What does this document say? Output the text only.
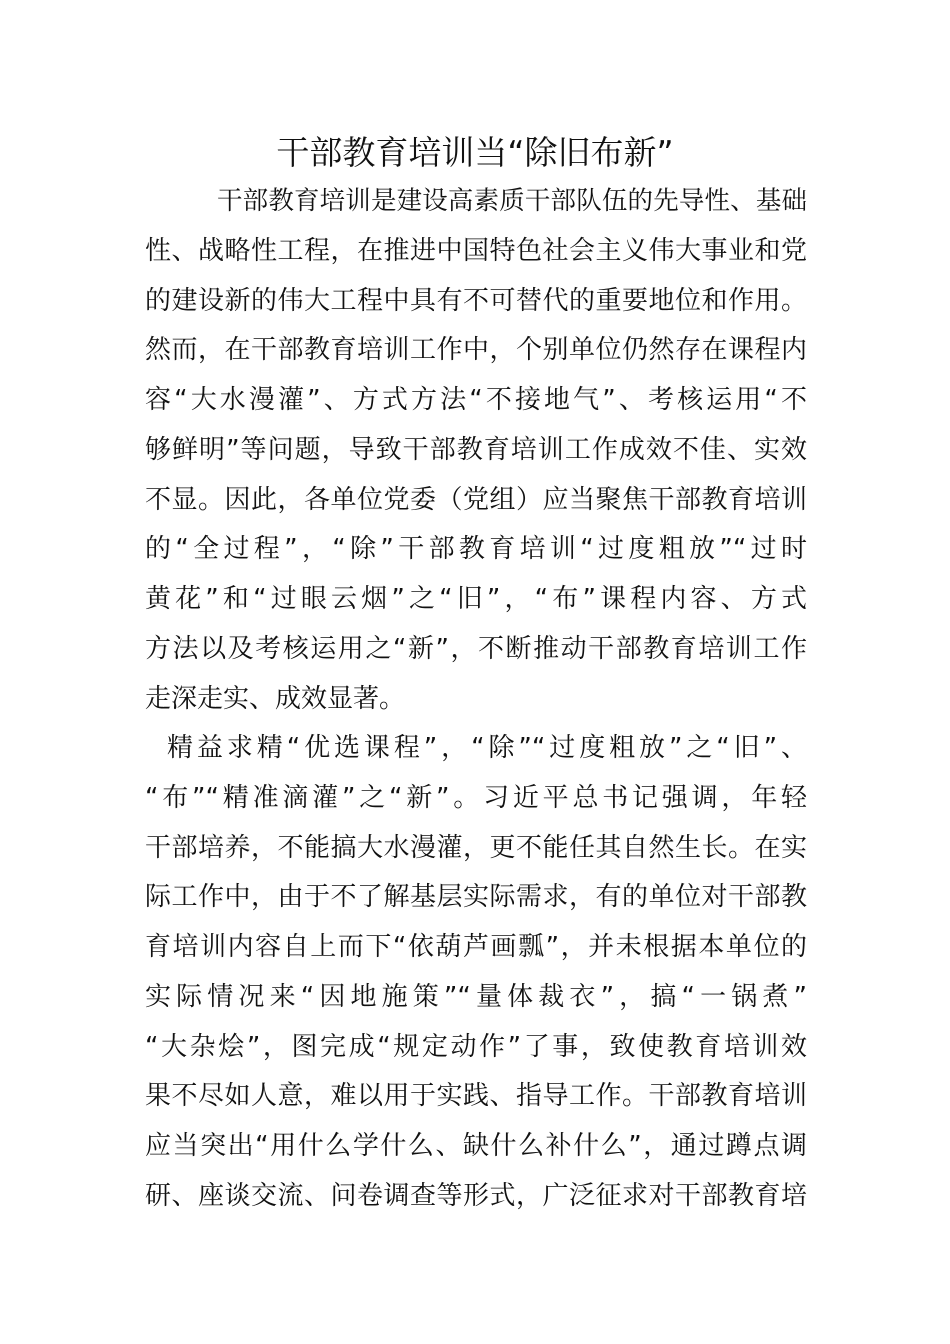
干部教育培训当“除旧布新”
干部教育培训是建设高素质干部队伍的先导性、基础
性、战略性工程，在推进中国特色社会主义伟大事业和党
的建设新的伟大工程中具有不可替代的重要地位和作用。
然而，在干部教育培训工作中，个别单位仍然存在课程内
容“大水漫灌”、方式方法“不接地气”、考核运用“不
够鲜明”等问题，导致干部教育培训工作成效不佳、实效
不显。因此，各单位党委（党组）应当聚焦干部教育培训
的“全过程”，“除”干部教育培训“过度粗放”“过时
黄花”和“过眼云烟”之“旧”，“布”课程内容、方式
方法以及考核运用之“新”，不断推动干部教育培训工作
走深走实、成效显著。
精益求精“优选课程”，“除”“过度粗放”之“旧”、
“布”“精准滴灌”之“新”。习近平总书记强调，年轻
干部培养，不能搞大水漫灌，更不能任其自然生长。在实
际工作中，由于不了解基层实际需求，有的单位对干部教
育培训内容自上而下“依葫芦画瓢”，并未根据本单位的
实际情况来“因地施策”“量体裁衣”，搞“一锅煮”
“大杂烩”，图完成“规定动作”了事，致使教育培训效
果不尽如人意，难以用于实践、指导工作。干部教育培训
应当突出“用什么学什么、缺什么补什么”，通过蹲点调
研、座谈交流、问卷调查等形式，广泛征求对干部教育培
